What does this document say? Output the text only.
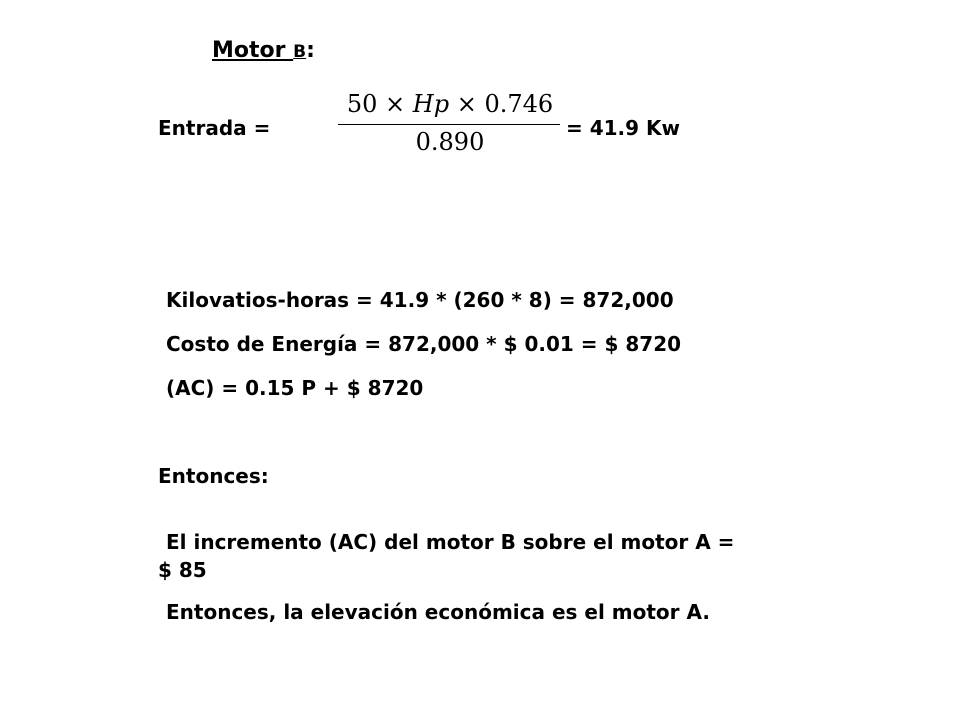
Motor B:
Entrada =
50 × Hp × 0.746
0.890	= 41.9 Kw
Kilovatios-horas = 41.9 * (260 * 8) = 872,000
Costo de Energía = 872,000 * $ 0.01 = $ 8720
(AC) = 0.15 P + $ 8720
Entonces:
El incremento (AC) del motor B sobre el motor A =
$ 85
Entonces, la elevación económica es el motor A.
